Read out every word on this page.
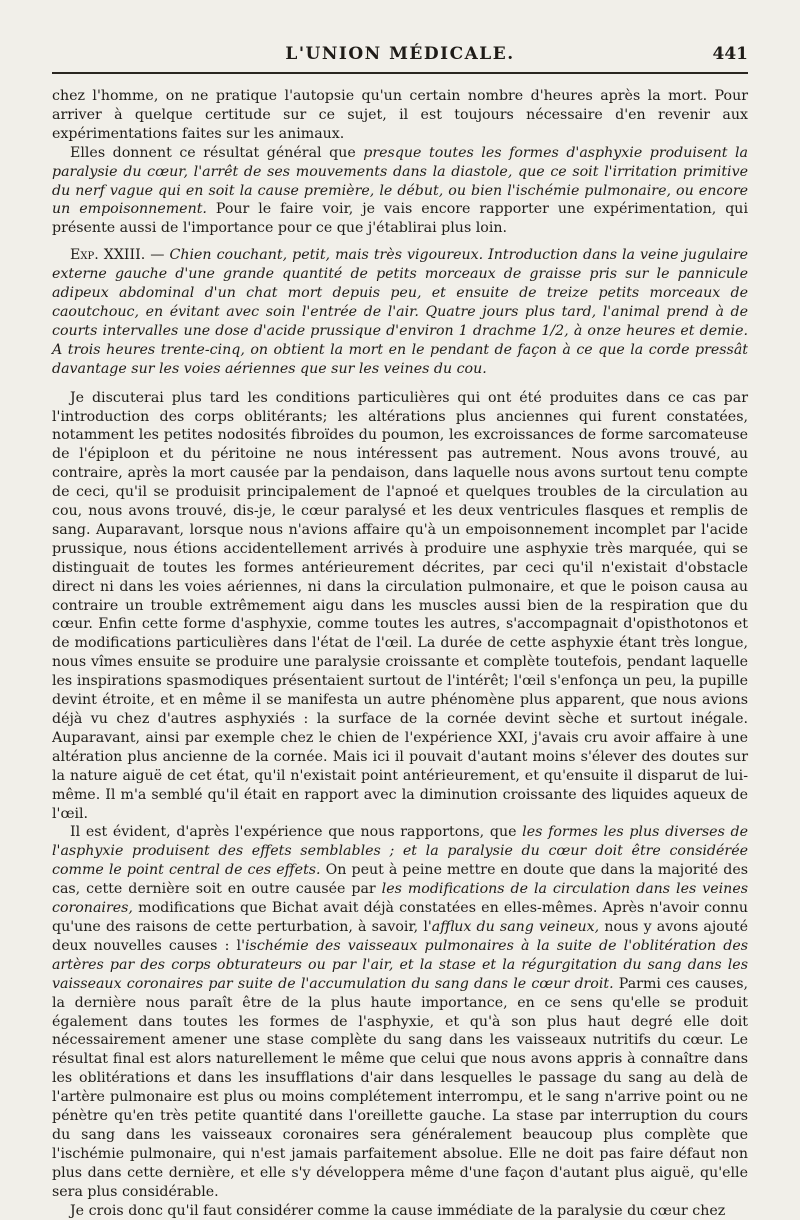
L'UNION MÉDICALE.	441

chez l'homme, on ne pratique l'autopsie qu'un certain nombre d'heures après la mort. Pour arriver à quelque certitude sur ce sujet, il est toujours nécessaire d'en revenir aux expérimentations faites sur les animaux.

Elles donnent ce résultat général que presque toutes les formes d'asphyxie produisent la paralysie du cœur, l'arrêt de ses mouvements dans la diastole, que ce soit l'irritation primitive du nerf vague qui en soit la cause première, le début, ou bien l'ischémie pulmonaire, ou encore un empoisonnement. Pour le faire voir, je vais encore rapporter une expérimentation, qui présente aussi de l'importance pour ce que j'établirai plus loin.

Exp. XXIII. — Chien couchant, petit, mais très vigoureux. Introduction dans la veine jugulaire externe gauche d'une grande quantité de petits morceaux de graisse pris sur le pannicule adipeux abdominal d'un chat mort depuis peu, et ensuite de treize petits morceaux de caoutchouc, en évitant avec soin l'entrée de l'air. Quatre jours plus tard, l'animal prend à de courts intervalles une dose d'acide prussique d'environ 1 drachme 1/2, à onze heures et demie. A trois heures trente-cinq, on obtient la mort en le pendant de façon à ce que la corde pressât davantage sur les voies aériennes que sur les veines du cou.

Je discuterai plus tard les conditions particulières qui ont été produites dans ce cas par l'introduction des corps oblitérants; les altérations plus anciennes qui furent constatées, notamment les petites nodosités fibroïdes du poumon, les excroissances de forme sarcomateuse de l'épiploon et du péritoine ne nous intéressent pas autrement. Nous avons trouvé, au contraire, après la mort causée par la pendaison, dans laquelle nous avons surtout tenu compte de ceci, qu'il se produisit principalement de l'apnoé et quelques troubles de la circulation au cou, nous avons trouvé, dis-je, le cœur paralysé et les deux ventricules flasques et remplis de sang. Auparavant, lorsque nous n'avions affaire qu'à un empoisonnement incomplet par l'acide prussique, nous étions accidentellement arrivés à produire une asphyxie très marquée, qui se distinguait de toutes les formes antérieurement décrites, par ceci qu'il n'existait d'obstacle direct ni dans les voies aériennes, ni dans la circulation pulmonaire, et que le poison causa au contraire un trouble extrêmement aigu dans les muscles aussi bien de la respiration que du cœur. Enfin cette forme d'asphyxie, comme toutes les autres, s'accompagnait d'opisthotonos et de modifications particulières dans l'état de l'œil. La durée de cette asphyxie étant très longue, nous vîmes ensuite se produire une paralysie croissante et complète toutefois, pendant laquelle les inspirations spasmodiques présentaient surtout de l'intérêt; l'œil s'enfonça un peu, la pupille devint étroite, et en même il se manifesta un autre phénomène plus apparent, que nous avions déjà vu chez d'autres asphyxiés : la surface de la cornée devint sèche et surtout inégale. Auparavant, ainsi par exemple chez le chien de l'expérience XXI, j'avais cru avoir affaire à une altération plus ancienne de la cornée. Mais ici il pouvait d'autant moins s'élever des doutes sur la nature aiguë de cet état, qu'il n'existait point antérieurement, et qu'ensuite il disparut de lui-même. Il m'a semblé qu'il était en rapport avec la diminution croissante des liquides aqueux de l'œil.

Il est évident, d'après l'expérience que nous rapportons, que les formes les plus diverses de l'asphyxie produisent des effets semblables ; et la paralysie du cœur doit être considérée comme le point central de ces effets. On peut à peine mettre en doute que dans la majorité des cas, cette dernière soit en outre causée par les modifications de la circulation dans les veines coronaires, modifications que Bichat avait déjà constatées en elles-mêmes. Après n'avoir connu qu'une des raisons de cette perturbation, à savoir, l'afflux du sang veineux, nous y avons ajouté deux nouvelles causes : l'ischémie des vaisseaux pulmonaires à la suite de l'oblitération des artères par des corps obturateurs ou par l'air, et la stase et la régurgitation du sang dans les vaisseaux coronaires par suite de l'accumulation du sang dans le cœur droit. Parmi ces causes, la dernière nous paraît être de la plus haute importance, en ce sens qu'elle se produit également dans toutes les formes de l'asphyxie, et qu'à son plus haut degré elle doit nécessairement amener une stase complète du sang dans les vaisseaux nutritifs du cœur. Le résultat final est alors naturellement le même que celui que nous avons appris à connaître dans les oblitérations et dans les insufflations d'air dans lesquelles le passage du sang au delà de l'artère pulmonaire est plus ou moins complétement interrompu, et le sang n'arrive point ou ne pénètre qu'en très petite quantité dans l'oreillette gauche. La stase par interruption du cours du sang dans les vaisseaux coronaires sera généralement beaucoup plus complète que l'ischémie pulmonaire, qui n'est jamais parfaitement absolue. Elle ne doit pas faire défaut non plus dans cette dernière, et elle s'y développera même d'une façon d'autant plus aiguë, qu'elle sera plus considérable.

Je crois donc qu'il faut considérer comme la cause immédiate de la paralysie du cœur chez
